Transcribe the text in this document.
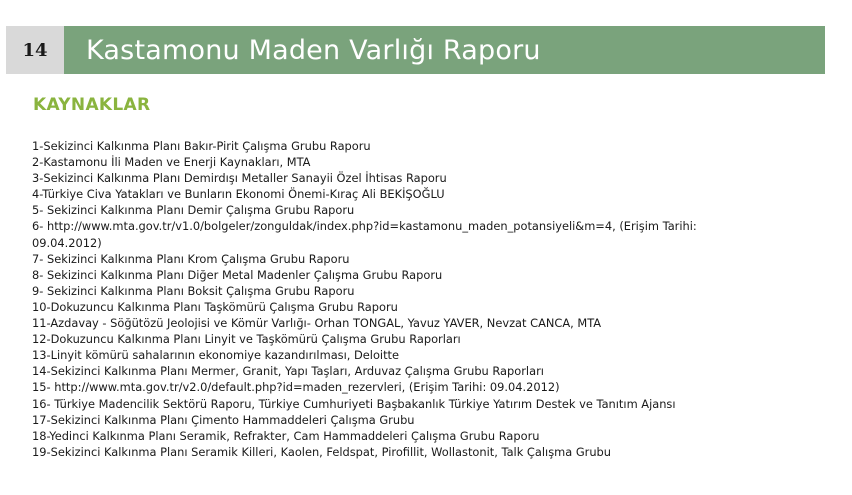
14	Kastamonu Maden Varlığı Raporu
KAYNAKLAR
1-Sekizinci Kalkınma Planı Bakır-Pirit Çalışma Grubu Raporu
2-Kastamonu İli Maden ve Enerji Kaynakları, MTA
3-Sekizinci Kalkınma Planı Demirdışı Metaller Sanayii Özel İhtisas Raporu
4-Türkiye Civa Yatakları ve Bunların Ekonomi Önemi-Kıraç Ali BEKİŞOĞLU
5- Sekizinci Kalkınma Planı Demir Çalışma Grubu Raporu
6- http://www.mta.gov.tr/v1.0/bolgeler/zonguldak/index.php?id=kastamonu_maden_potansiyeli&m=4, (Erişim Tarihi: 09.04.2012)
7- Sekizinci Kalkınma Planı Krom Çalışma Grubu Raporu
8- Sekizinci Kalkınma Planı Diğer Metal Madenler Çalışma Grubu Raporu
9- Sekizinci Kalkınma Planı Boksit Çalışma Grubu Raporu
10-Dokuzuncu Kalkınma Planı Taşkömürü Çalışma Grubu Raporu
11-Azdavay - Söğütözü Jeolojisi ve Kömür Varlığı- Orhan TONGAL, Yavuz YAVER, Nevzat CANCA, MTA
12-Dokuzuncu Kalkınma Planı Linyit ve Taşkömürü Çalışma Grubu Raporları
13-Linyit kömürü sahalarının ekonomiye kazandırılması, Deloitte
14-Sekizinci Kalkınma Planı Mermer, Granit, Yapı Taşları, Arduvaz Çalışma Grubu Raporları
15- http://www.mta.gov.tr/v2.0/default.php?id=maden_rezervleri, (Erişim Tarihi: 09.04.2012)
16- Türkiye Madencilik Sektörü Raporu, Türkiye Cumhuriyeti Başbakanlık Türkiye Yatırım Destek ve Tanıtım Ajansı
17-Sekizinci Kalkınma Planı Çimento Hammaddeleri Çalışma Grubu
18-Yedinci Kalkınma Planı Seramik, Refrakter, Cam Hammaddeleri Çalışma Grubu Raporu
19-Sekizinci Kalkınma Planı Seramik Killeri, Kaolen, Feldspat, Pirofillit, Wollastonit, Talk Çalışma Grubu
